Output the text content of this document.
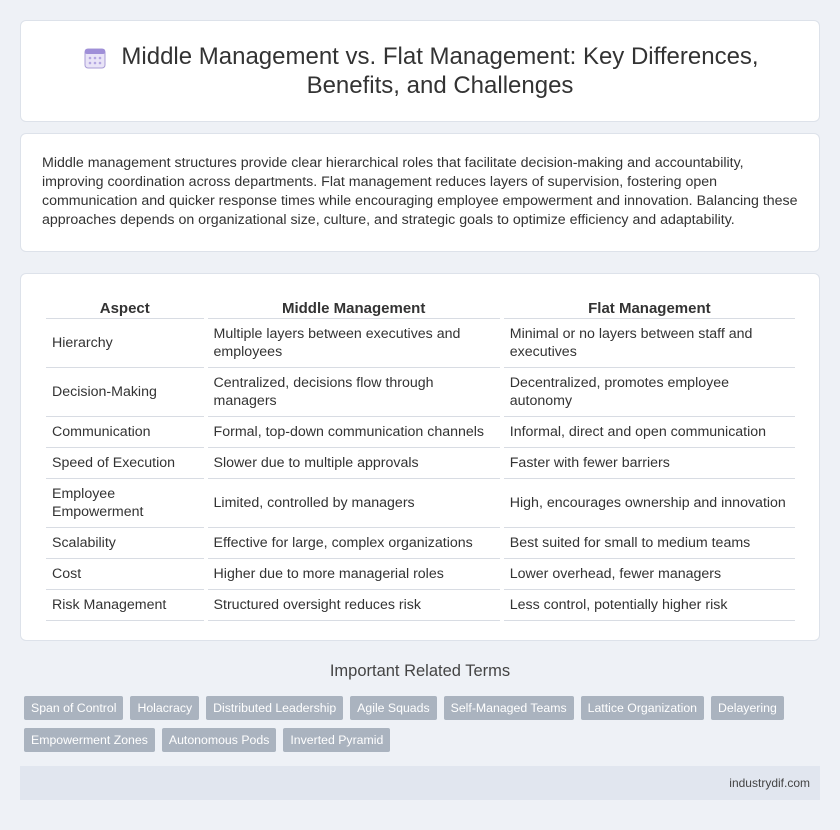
Middle Management vs. Flat Management: Key Differences, Benefits, and Challenges

Middle management structures provide clear hierarchical roles that facilitate decision-making and accountability, improving coordination across departments. Flat management reduces layers of supervision, fostering open communication and quicker response times while encouraging employee empowerment and innovation. Balancing these approaches depends on organizational size, culture, and strategic goals to optimize efficiency and adaptability.

Aspect	Middle Management	Flat Management
Hierarchy	Multiple layers between executives and employees	Minimal or no layers between staff and executives
Decision-Making	Centralized, decisions flow through managers	Decentralized, promotes employee autonomy
Communication	Formal, top-down communication channels	Informal, direct and open communication
Speed of Execution	Slower due to multiple approvals	Faster with fewer barriers
Employee Empowerment	Limited, controlled by managers	High, encourages ownership and innovation
Scalability	Effective for large, complex organizations	Best suited for small to medium teams
Cost	Higher due to more managerial roles	Lower overhead, fewer managers
Risk Management	Structured oversight reduces risk	Less control, potentially higher risk
Important Related Terms
Span of Control	Holacracy	Distributed Leadership	Agile Squads	Self-Managed Teams	Lattice Organization	Delayering
Empowerment Zones	Autonomous Pods	Inverted Pyramid
industrydif.com
